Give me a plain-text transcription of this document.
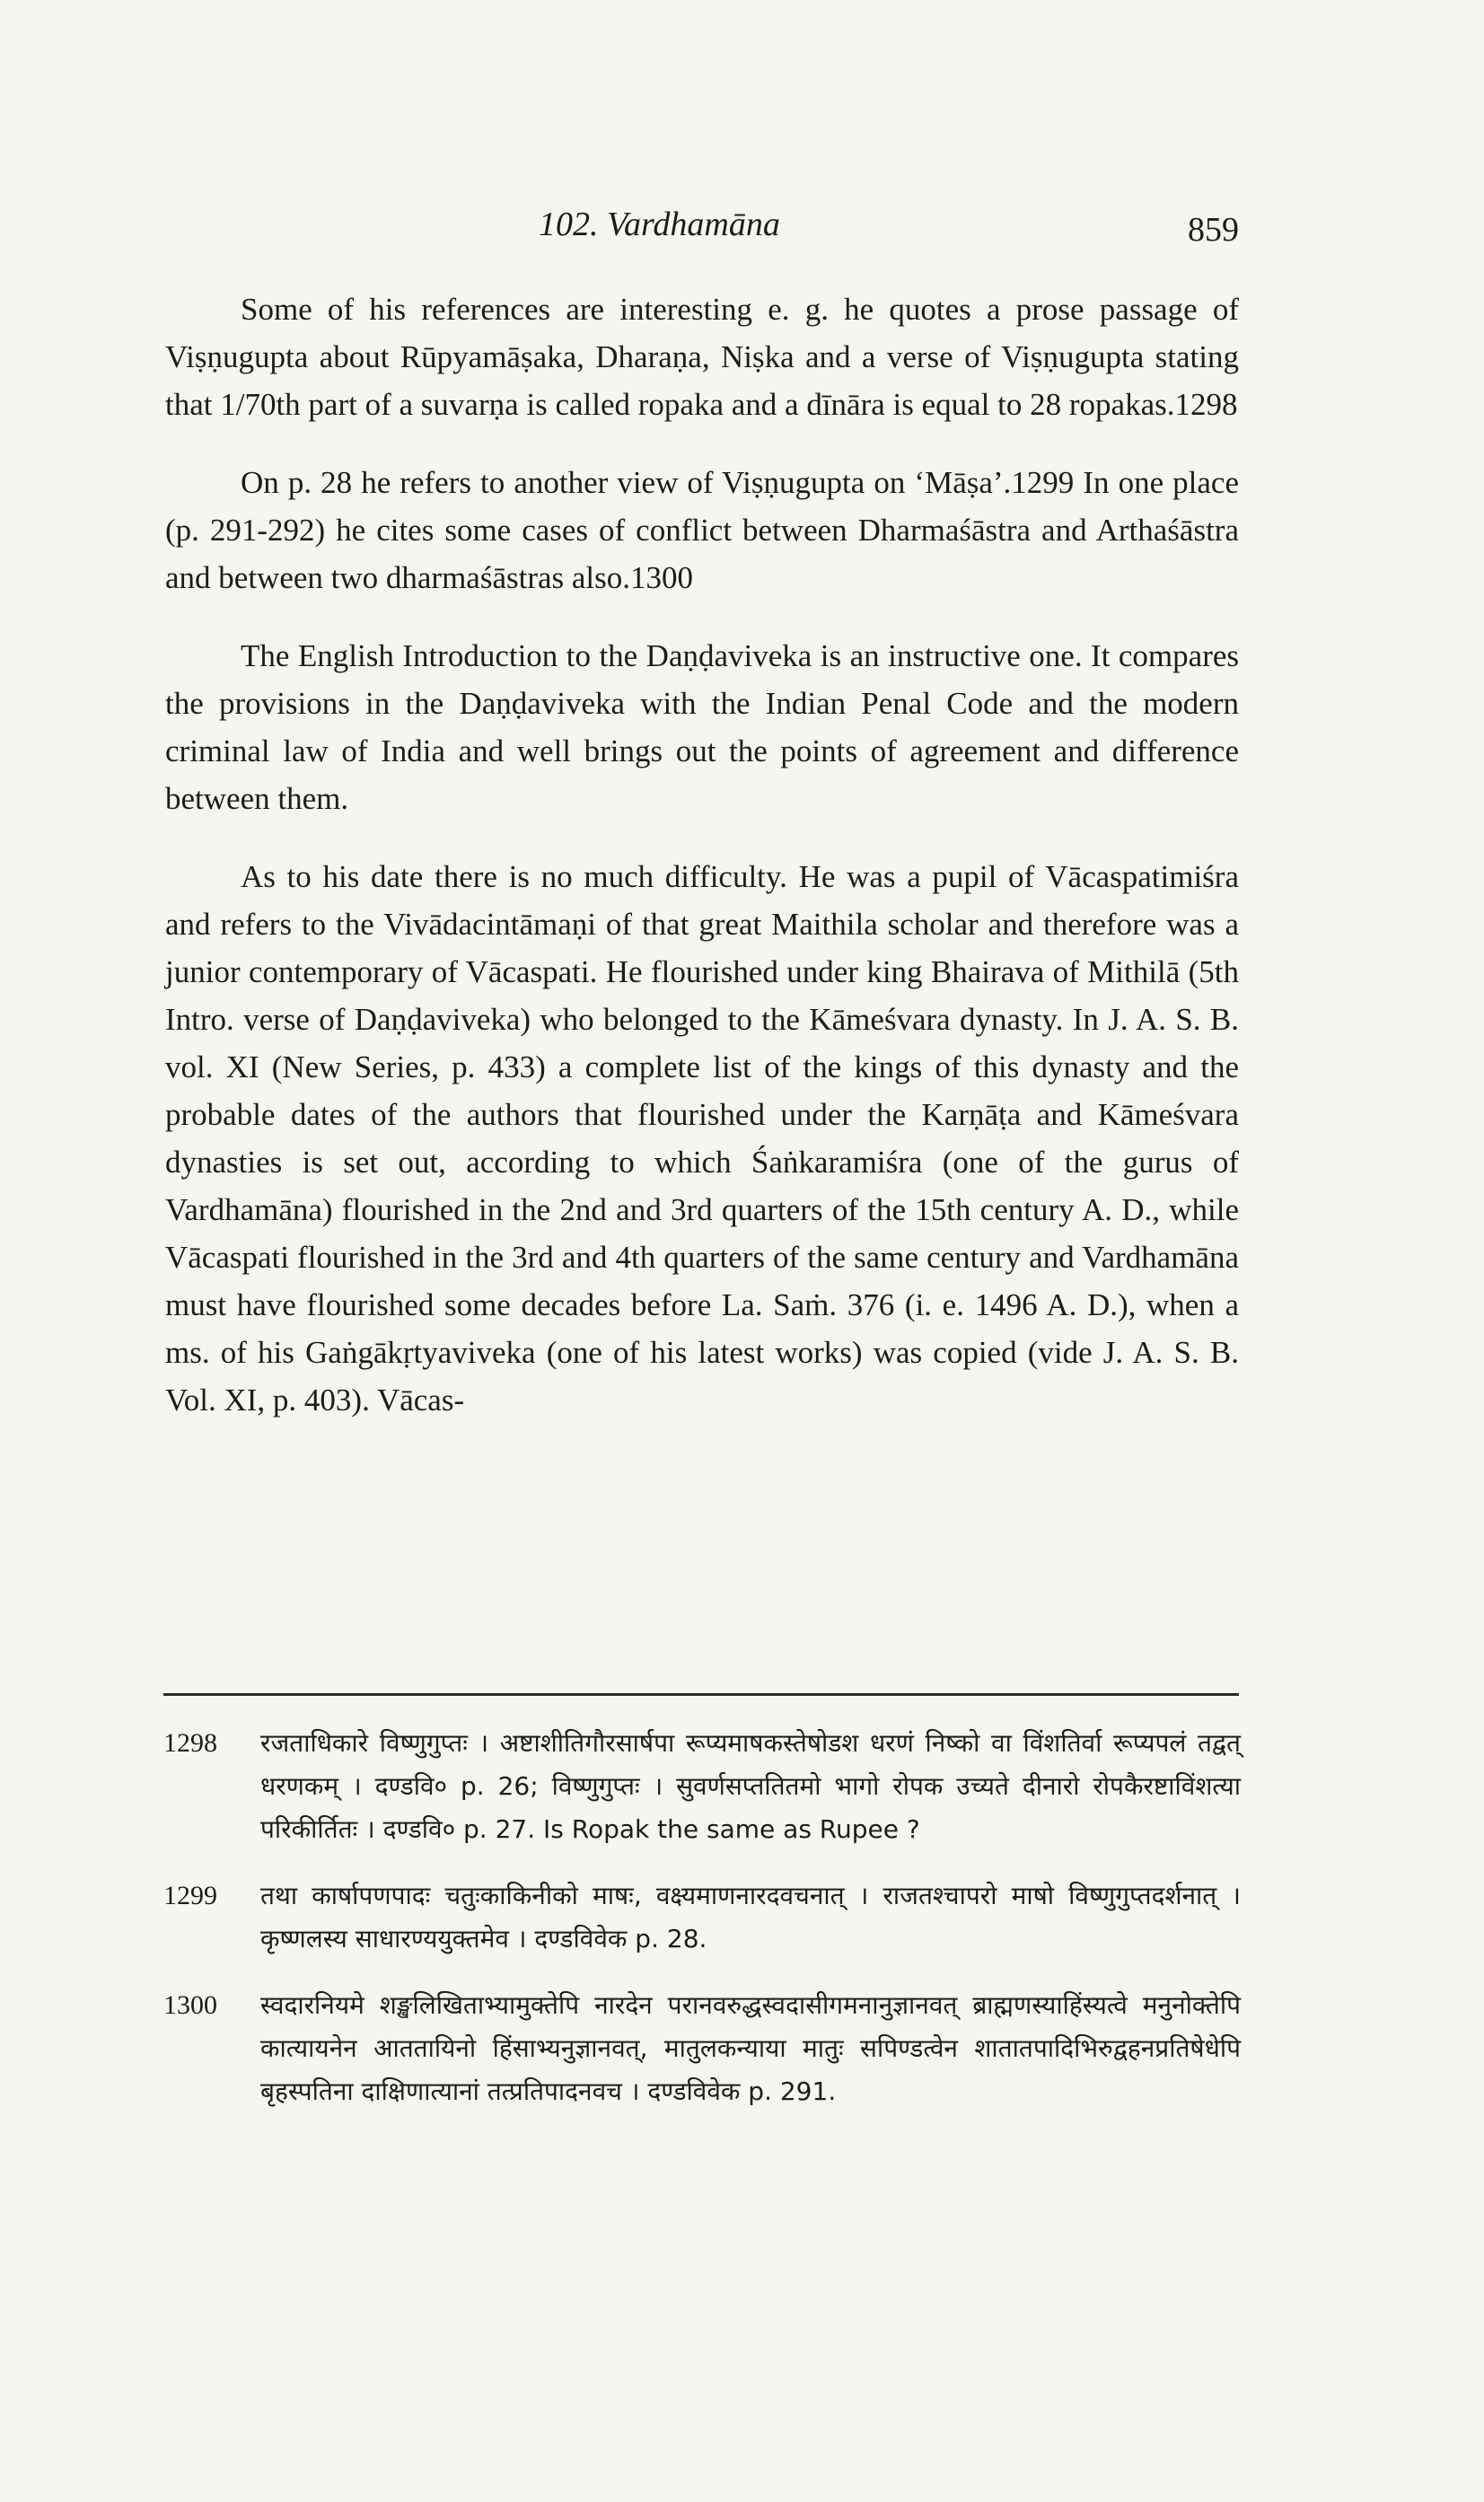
102. Vardhamāna	859

Some of his references are interesting e. g. he quotes a prose passage of Viṣṇugupta about Rūpyamāṣaka, Dharaṇa, Niṣka and a verse of Viṣṇugupta stating that 1/70th part of a suvarṇa is called ropaka and a dīnāra is equal to 28 ropakas.1298

On p. 28 he refers to another view of Viṣṇugupta on ‘Māṣa’.1299 In one place (p. 291-292) he cites some cases of conflict between Dharmaśāstra and Arthaśāstra and between two dharmaśāstras also.1300

The English Introduction to the Daṇḍaviveka is an instructive one. It compares the provisions in the Daṇḍaviveka with the Indian Penal Code and the modern criminal law of India and well brings out the points of agreement and difference between them.

As to his date there is no much difficulty. He was a pupil of Vācaspatimiśra and refers to the Vivādacintāmaṇi of that great Maithila scholar and therefore was a junior contemporary of Vācaspati. He flourished under king Bhairava of Mithilā (5th Intro. verse of Daṇḍaviveka) who belonged to the Kāmeśvara dynasty. In J. A. S. B. vol. XI (New Series, p. 433) a complete list of the kings of this dynasty and the probable dates of the authors that flourished under the Karṇāṭa and Kāmeśvara dynasties is set out, according to which Śaṅkaramiśra (one of the gurus of Vardhamāna) flourished in the 2nd and 3rd quarters of the 15th century A. D., while Vācaspati flourished in the 3rd and 4th quarters of the same century and Vardhamāna must have flourished some decades before La. Saṁ. 376 (i. e. 1496 A. D.), when a ms. of his Gaṅgākṛtyaviveka (one of his latest works) was copied (vide J. A. S. B. Vol. XI, p. 403). Vācas-

1298	रजताधिकारे विष्णुगुप्तः । अष्टाशीतिगौरसार्षपा रूप्यमाषकस्तेषोडश धरणं निष्को वा विंशतिर्वा रूप्यपलं तद्वत् धरणकम् । दण्डवि० p. 26; विष्णुगुप्तः । सुवर्णसप्ततितमो भागो रोपक उच्यते दीनारो रोपकैरष्टाविंशत्या परिकीर्तितः । दण्डवि० p. 27. Is Ropak the same as Rupee ?
1299	तथा कार्षापणपादः चतुःकाकिनीको माषः, वक्ष्यमाणनारदवचनात् । राजतश्चापरो माषो विष्णुगुप्तदर्शनात् । कृष्णलस्य साधारण्ययुक्तमेव । दण्डविवेक p. 28.
1300	स्वदारनियमे शङ्खलिखिताभ्यामुक्तेपि नारदेन परानवरुद्धस्वदासीगमनानुज्ञानवत् ब्राह्मणस्याहिंस्यत्वे मनुनोक्तेपि कात्यायनेन आततायिनो हिंसाभ्यनुज्ञानवत्, मातुलकन्याया मातुः सपिण्डत्वेन शातातपादिभिरुद्वहनप्रतिषेधेपि बृहस्पतिना दाक्षिणात्यानां तत्प्रतिपादनवच । दण्डविवेक p. 291.
